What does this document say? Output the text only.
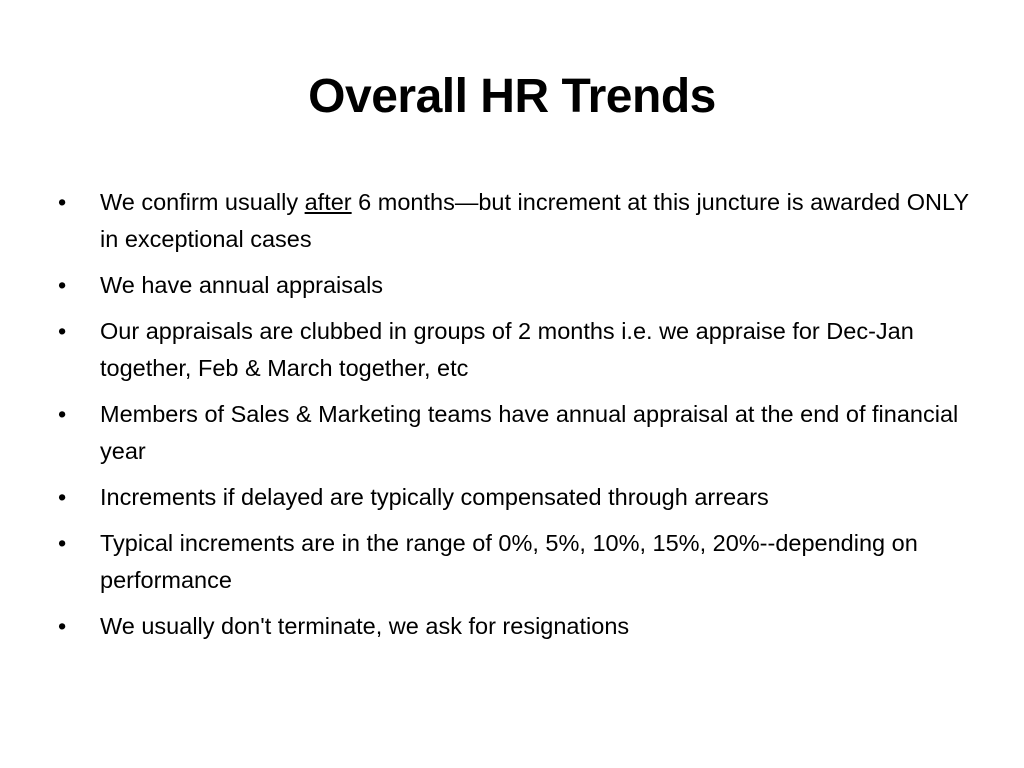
Overall HR Trends
•	We confirm usually after 6 months—but increment at this juncture is awarded ONLY in exceptional cases
•	We have annual appraisals
•	Our appraisals are clubbed in groups of 2 months i.e. we appraise for Dec-Jan together, Feb & March together, etc
•	Members of Sales & Marketing teams have annual appraisal at the end of financial year
•	Increments if delayed are typically compensated through arrears
•	Typical increments are in the range of 0%, 5%, 10%, 15%, 20%--depending on performance
•	We usually don't terminate, we ask for resignations
